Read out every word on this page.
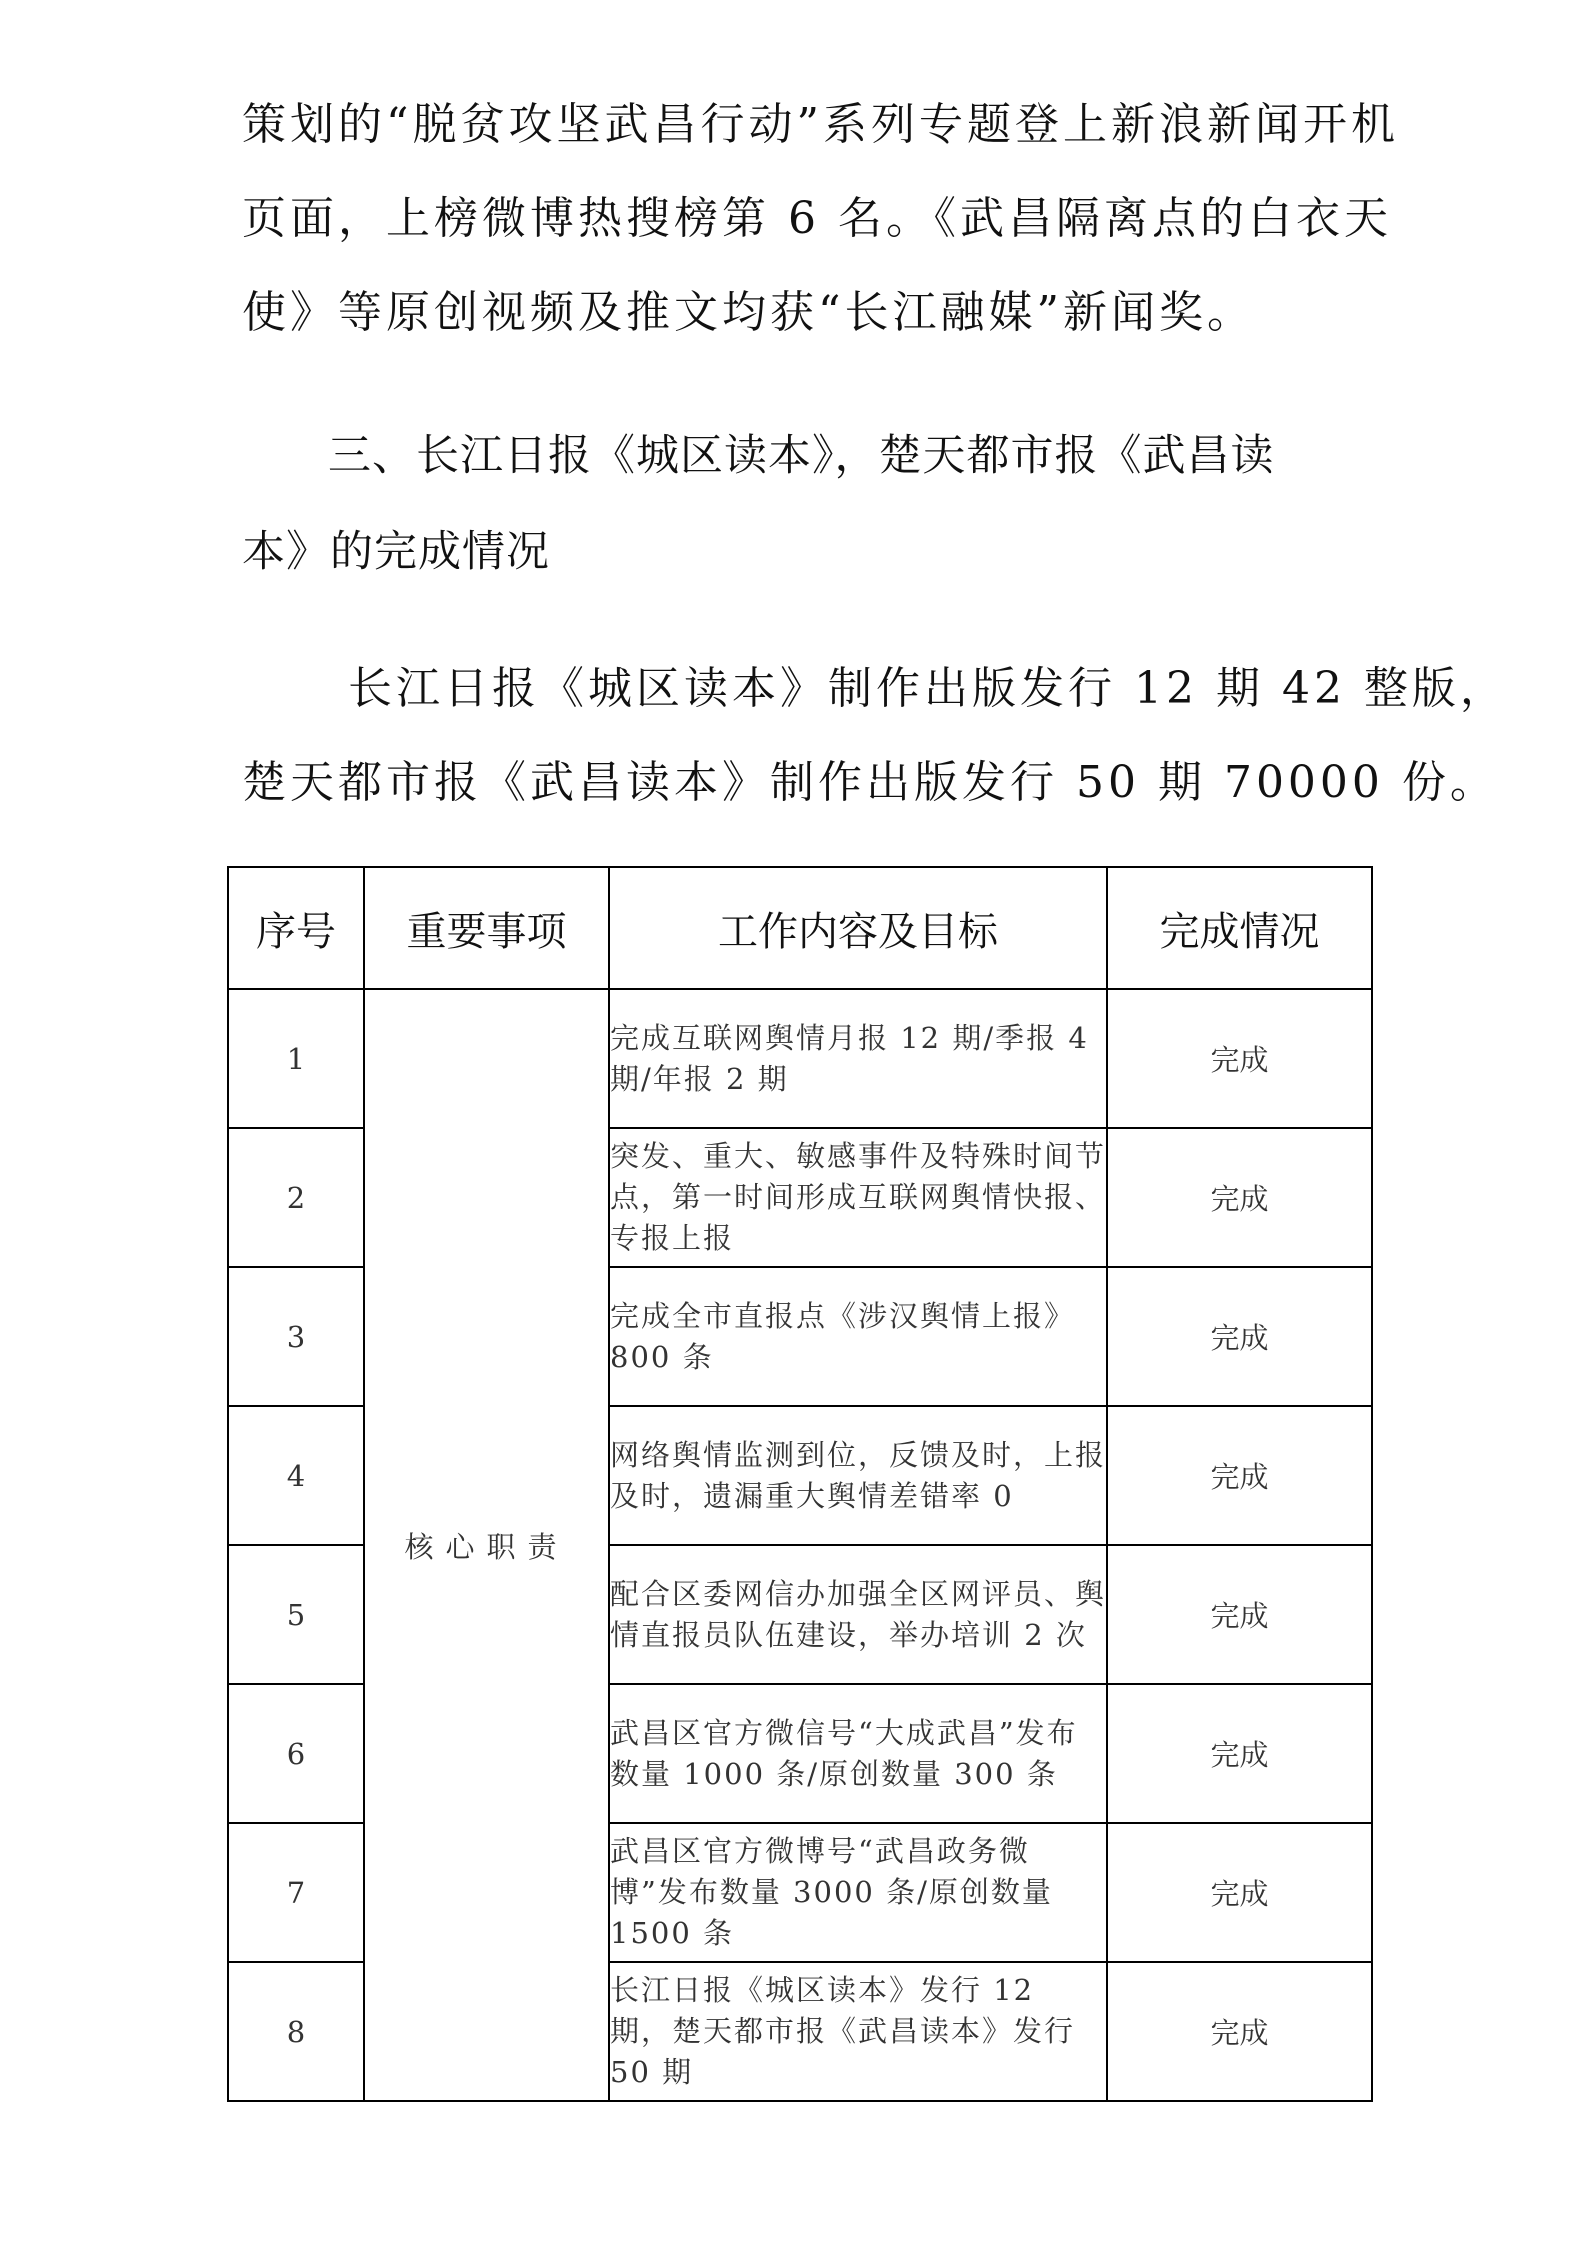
策划的“脱贫攻坚武昌行动”系列专题登上新浪新闻开机
页面，上榜微博热搜榜第 6 名。《武昌隔离点的白衣天
使》等原创视频及推文均获“长江融媒”新闻奖。
三、长江日报《城区读本》，楚天都市报《武昌读
本》的完成情况
长江日报《城区读本》制作出版发行 12 期 42 整版，
楚天都市报《武昌读本》制作出版发行 50 期 70000 份。
序号	重要事项	工作内容及目标	完成情况
1	核心职责	完成互联网舆情月报 12 期/季报 4 期/年报 2 期	完成
2		突发、重大、敏感事件及特殊时间节点，第一时间形成互联网舆情快报、专报上报	完成
3		完成全市直报点《涉汉舆情上报》800 条	完成
4		网络舆情监测到位，反馈及时，上报及时，遗漏重大舆情差错率 0	完成
5		配合区委网信办加强全区网评员、舆情直报员队伍建设，举办培训 2 次	完成
6		武昌区官方微信号“大成武昌”发布数量 1000 条/原创数量 300 条	完成
7		武昌区官方微博号“武昌政务微博”发布数量 3000 条/原创数量 1500 条	完成
8		长江日报《城区读本》发行 12 期，楚天都市报《武昌读本》发行 50 期	完成
